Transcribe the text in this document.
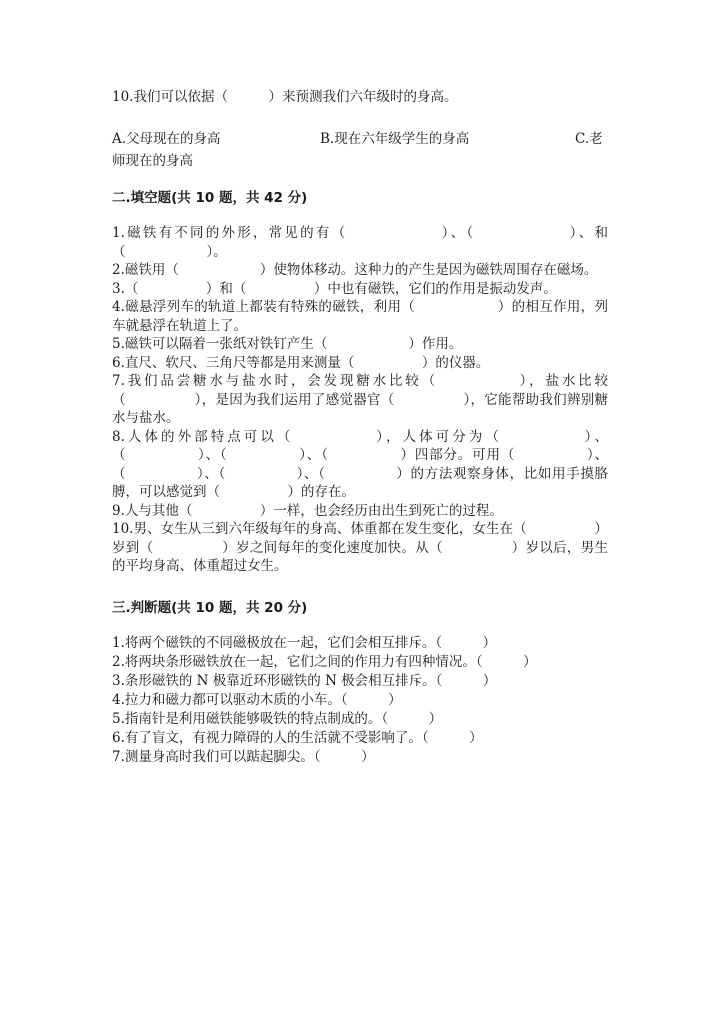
10.我们可以依据（　　　）来预测我们六年级时的身高。

A.父母现在的身高	B.现在六年级学生的身高	C.老
师现在的身高
二.填空题(共 10 题，共 42 分)

1.磁铁有不同的外形，常见的有（　　　　　　）、（　　　　　　）、和（　　　　　　）。

2.磁铁用（　　　　　　）使物体移动。这种力的产生是因为磁铁周围存在磁场。

3.（　　　　　）和（　　　　　）中也有磁铁，它们的作用是振动发声。

4.磁悬浮列车的轨道上都装有特殊的磁铁，利用（　　　　　　）的相互作用，列车就悬浮在轨道上了。

5.磁铁可以隔着一张纸对铁钉产生（　　　　　　）作用。

6.直尺、软尺、三角尺等都是用来测量（　　　　　）的仪器。

7.我们品尝糖水与盐水时，会发现糖水比较（　　　　　），盐水比较（　　　　　），是因为我们运用了感觉器官（　　　　　），它能帮助我们辨别糖水与盐水。

8.人体的外部特点可以（　　　　　），人体可分为（　　　　　）、（　　　　　）、（　　　　　）、（　　　　　）四部分。可用（　　　　　）、（　　　　　）、（　　　　　）、（　　　　　）的方法观察身体，比如用手摸胳膊，可以感觉到（　　　　　）的存在。

9.人与其他（　　　　　）一样，也会经历由出生到死亡的过程。

10.男、女生从三到六年级每年的身高、体重都在发生变化，女生在（　　　　　）岁到（　　　　　）岁之间每年的变化速度加快。从（　　　　　）岁以后，男生的平均身高、体重超过女生。

三.判断题(共 10 题，共 20 分)

1.将两个磁铁的不同磁极放在一起，它们会相互排斥。（　　　）

2.将两块条形磁铁放在一起，它们之间的作用力有四种情况。（　　　）

3.条形磁铁的 N 极靠近环形磁铁的 N 极会相互排斥。（　　　）

4.拉力和磁力都可以驱动木质的小车。（　　　）

5.指南针是利用磁铁能够吸铁的特点制成的。（　　　）

6.有了盲文，有视力障碍的人的生活就不受影响了。（　　　）

7.测量身高时我们可以踮起脚尖。（　　　）
